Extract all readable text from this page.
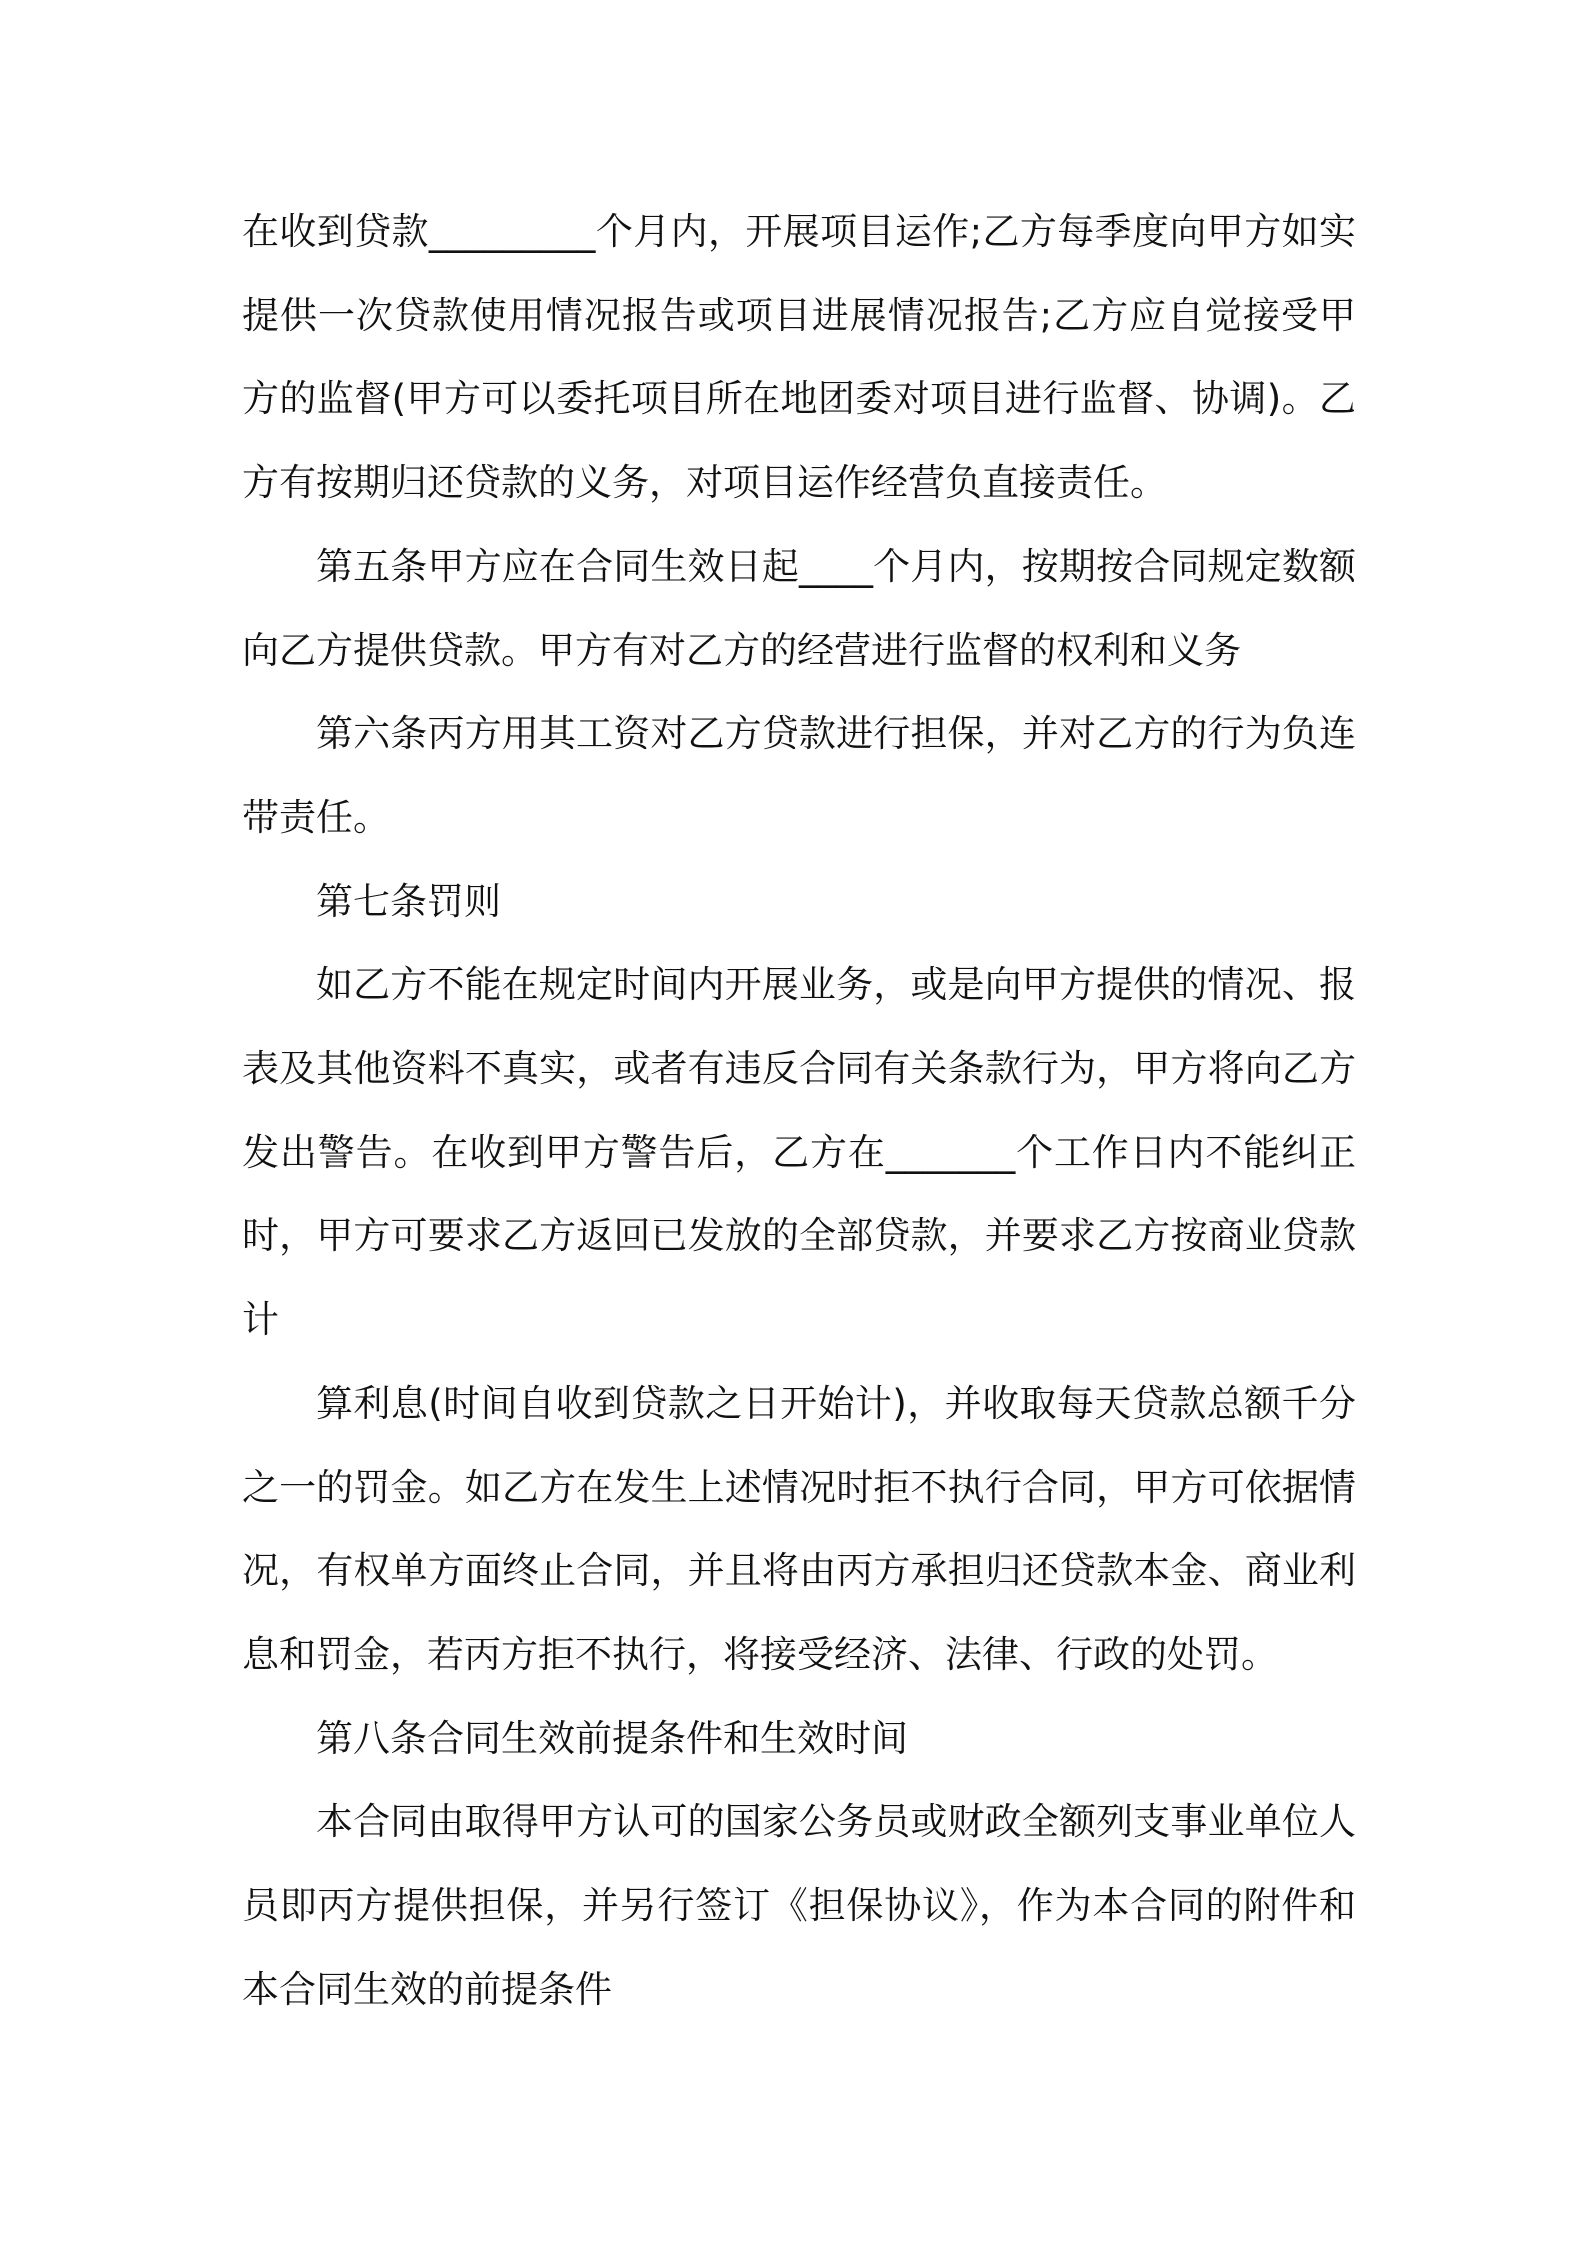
在收到贷款_________个月内，开展项目运作;乙方每季度向甲方如实提供一次贷款使用情况报告或项目进展情况报告;乙方应自觉接受甲方的监督(甲方可以委托项目所在地团委对项目进行监督、协调)。乙方有按期归还贷款的义务，对项目运作经营负直接责任。

第五条甲方应在合同生效日起____个月内，按期按合同规定数额向乙方提供贷款。甲方有对乙方的经营进行监督的权利和义务

第六条丙方用其工资对乙方贷款进行担保，并对乙方的行为负连带责任。

第七条罚则

如乙方不能在规定时间内开展业务，或是向甲方提供的情况、报表及其他资料不真实，或者有违反合同有关条款行为，甲方将向乙方发出警告。在收到甲方警告后，乙方在_______个工作日内不能纠正时，甲方可要求乙方返回已发放的全部贷款，并要求乙方按商业贷款计

算利息(时间自收到贷款之日开始计)，并收取每天贷款总额千分之一的罚金。如乙方在发生上述情况时拒不执行合同，甲方可依据情况，有权单方面终止合同，并且将由丙方承担归还贷款本金、商业利息和罚金，若丙方拒不执行，将接受经济、法律、行政的处罚。

第八条合同生效前提条件和生效时间

本合同由取得甲方认可的国家公务员或财政全额列支事业单位人员即丙方提供担保，并另行签订《担保协议》，作为本合同的附件和本合同生效的前提条件
